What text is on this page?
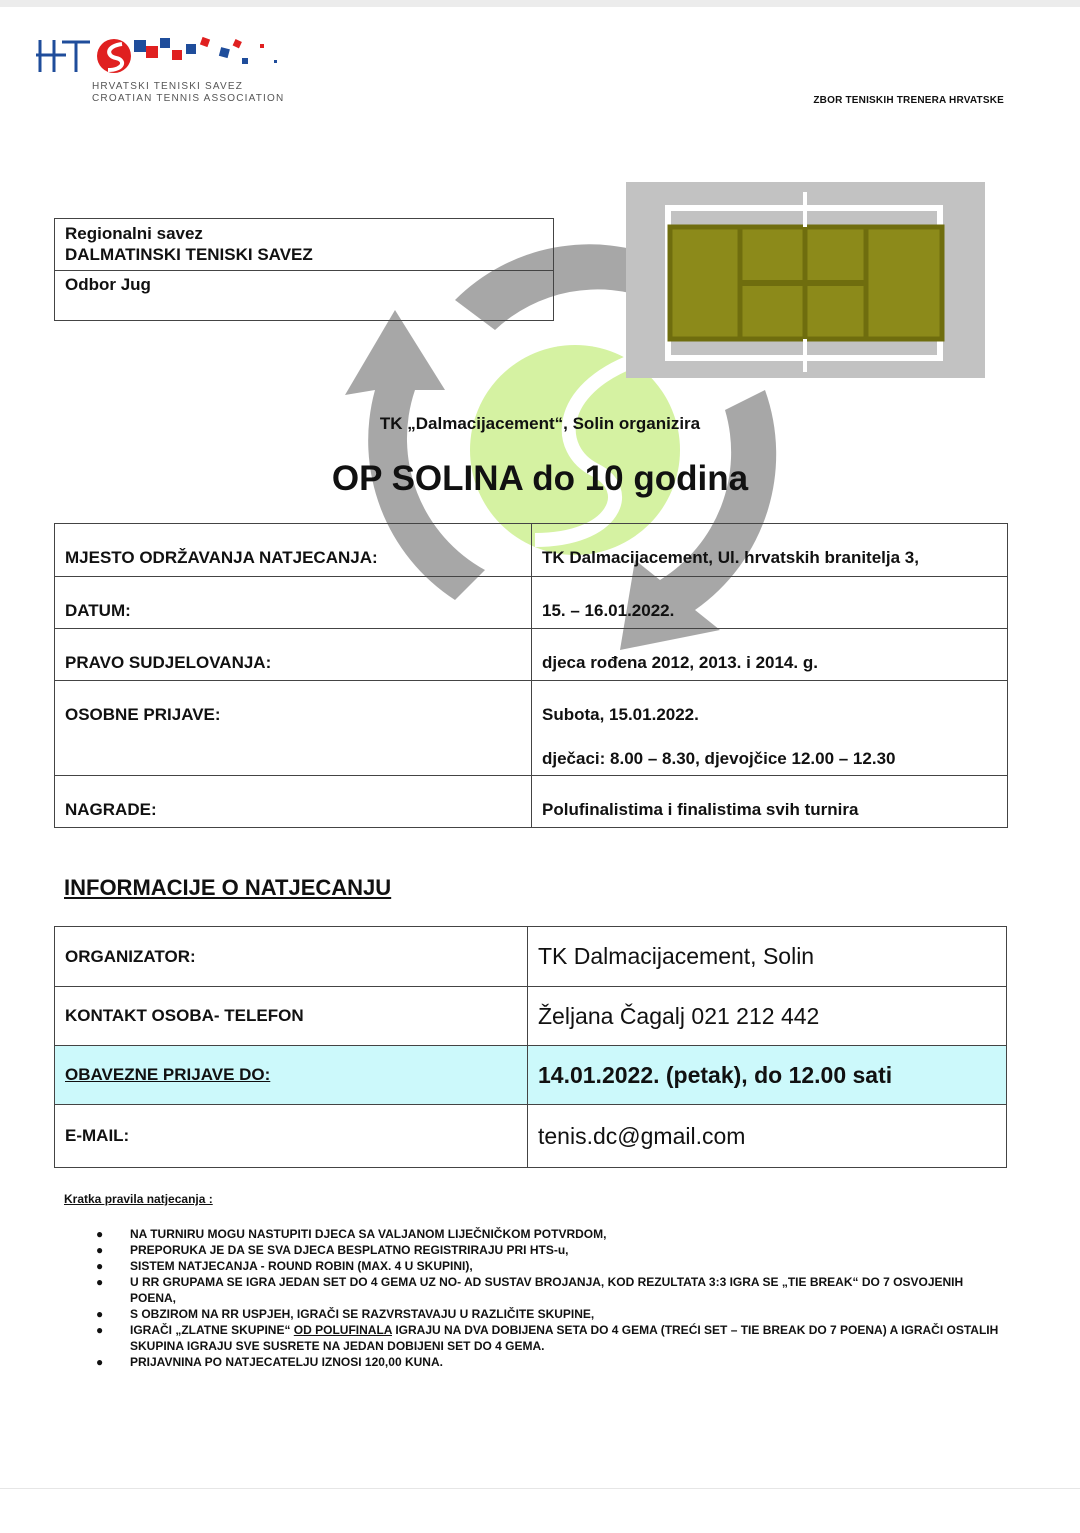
HRVATSKI TENISKI SAVEZ
CROATIAN TENNIS ASSOCIATION	ZBOR TENISKIH TRENERA HRVATSKE
Regionalni savez
DALMATINSKI TENISKI SAVEZ
Odbor Jug
TK „Dalmacijacement“, Solin organizira
OP SOLINA do 10 godina
MJESTO ODRŽAVANJA NATJECANJA:	TK Dalmacijacement, Ul. hrvatskih branitelja 3,

DATUM:	15. – 16.01.2022.

PRAVO SUDJELOVANJA:	djeca rođena 2012, 2013. i 2014. g.

OSOBNE PRIJAVE:	Subota, 15.01.2022.
dječaci: 8.00 – 8.30, djevojčice 12.00 – 12.30

NAGRADE:	Polufinalistima i finalistima svih turnira
INFORMACIJE O NATJECANJU
ORGANIZATOR:	TK Dalmacijacement, Solin
KONTAKT OSOBA- TELEFON	Željana Čagalj 021 212 442
OBAVEZNE PRIJAVE DO:	14.01.2022. (petak), do 12.00 sati
E-MAIL:	tenis.dc@gmail.com
Kratka pravila natjecanja :
● NA TURNIRU MOGU NASTUPITI DJECA SA VALJANOM LIJEČNIČKOM POTVRDOM,
● PREPORUKA JE DA SE SVA DJECA BESPLATNO REGISTRIRAJU PRI HTS-u,
● SISTEM NATJECANJA - ROUND ROBIN (MAX. 4 U SKUPINI),
● U RR GRUPAMA SE IGRA JEDAN SET DO 4 GEMA UZ NO- AD SUSTAV BROJANJA, KOD REZULTATA 3:3 IGRA SE „TIE BREAK“ DO 7 OSVOJENIH POENA,
● S OBZIROM NA RR USPJEH, IGRAČI SE RAZVRSTAVAJU U RAZLIČITE SKUPINE,
● IGRAČI „ZLATNE SKUPINE“ OD POLUFINALA IGRAJU NA DVA DOBIJENA SETA DO 4 GEMA (TREĆI SET – TIE BREAK DO 7 POENA) A IGRAČI OSTALIH SKUPINA IGRAJU SVE SUSRETE NA JEDAN DOBIJENI SET DO 4 GEMA.
● PRIJAVNINA PO NATJECATELJU IZNOSI 120,00 KUNA.
